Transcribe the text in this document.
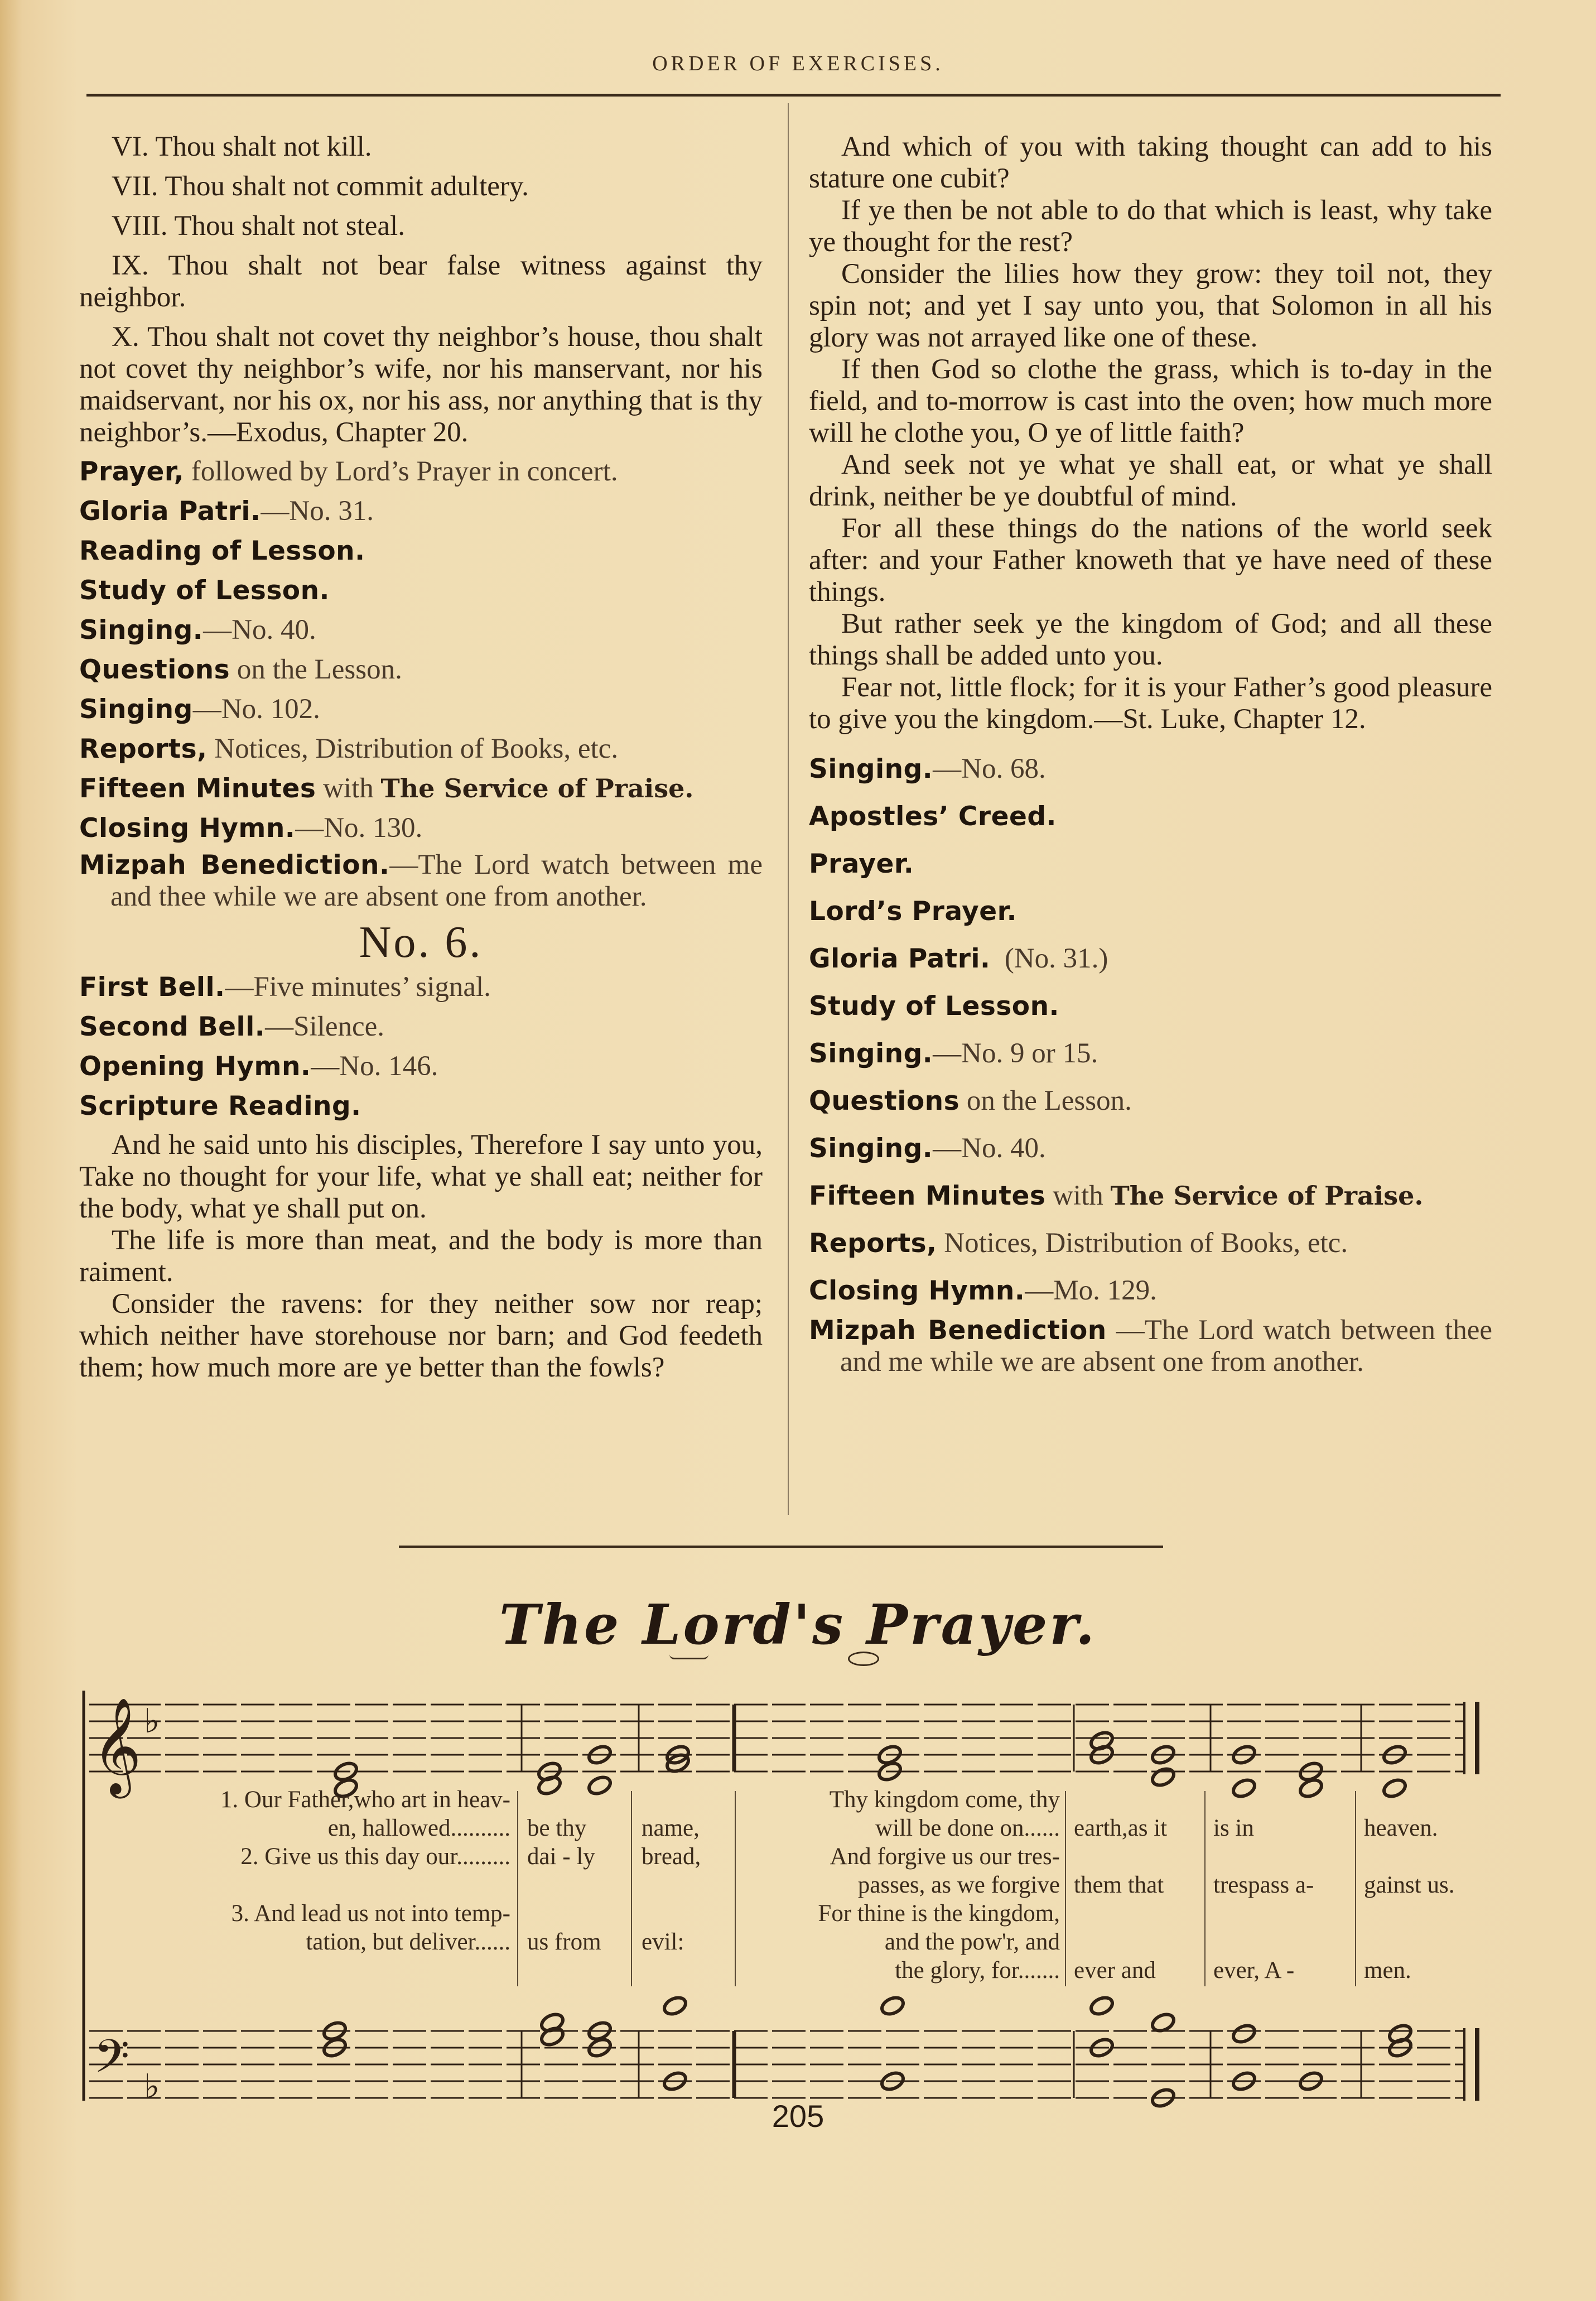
ORDER OF EXERCISES.

VI. Thou shalt not kill.

VII. Thou shalt not commit adultery.

VIII. Thou shalt not steal.

IX. Thou shalt not bear false witness against thy neighbor.

X. Thou shalt not covet thy neighbor’s house, thou shalt not covet thy neighbor’s wife, nor his manservant, nor his maidservant, nor his ox, nor his ass, nor anything that is thy neighbor’s.—Exodus, Chapter 20.

Prayer, followed by Lord’s Prayer in concert.

Gloria Patri.—No. 31.

Reading of Lesson.

Study of Lesson.

Singing.—No. 40.

Questions on the Lesson.

Singing—No. 102.

Reports, Notices, Distribution of Books, etc.

Fifteen Minutes with The Service of Praise.

Closing Hymn.—No. 130.

Mizpah Benediction.—The Lord watch between me and thee while we are absent one from another.

No. 6.

First Bell.—Five minutes’ signal.

Second Bell.—Silence.

Opening Hymn.—No. 146.

Scripture Reading.

And he said unto his disciples, Therefore I say unto you, Take no thought for your life, what ye shall eat; neither for the body, what ye shall put on.

The life is more than meat, and the body is more than raiment.

Consider the ravens: for they neither sow nor reap; which neither have storehouse nor barn; and God feedeth them; how much more are ye better than the fowls?

And which of you with taking thought can add to his stature one cubit?

If ye then be not able to do that which is least, why take ye thought for the rest?

Consider the lilies how they grow: they toil not, they spin not; and yet I say unto you, that Solomon in all his glory was not arrayed like one of these.

If then God so clothe the grass, which is to-day in the field, and to-morrow is cast into the oven; how much more will he clothe you, O ye of little faith?

And seek not ye what ye shall eat, or what ye shall drink, neither be ye doubtful of mind.

For all these things do the nations of the world seek after: and your Father knoweth that ye have need of these things.

But rather seek ye the kingdom of God; and all these things shall be added unto you.

Fear not, little flock; for it is your Father’s good pleasure to give you the kingdom.—St. Luke, Chapter 12.

Singing.—No. 68.

Apostles’ Creed.

Prayer.

Lord’s Prayer.

Gloria Patri.  (No. 31.)

Study of Lesson.

Singing.—No. 9 or 15.

Questions on the Lesson.

Singing.—No. 40.

Fifteen Minutes with The Service of Praise.

Reports, Notices, Distribution of Books, etc.

Closing Hymn.—Mo. 129.

Mizpah Benediction —The Lord watch between thee and me while we are absent one from another.

The Lord's Prayer.
𝄞 ♭
𝄢 ♭
1. Our Father,who art in heav-
en, hallowed..........
2. Give us this day our.........
3. And lead us not into temp-
tation, but deliver......
be thy
dai - ly
us from
name,
bread,
evil:
Thy kingdom come, thy
will be done on......
And forgive us our tres-
passes, as we forgive
For thine is the kingdom,
and the pow'r, and
the glory, for.......
earth,as it
them that
ever and
is in
trespass a-
ever, A -
heaven.
gainst us.
men.
205
